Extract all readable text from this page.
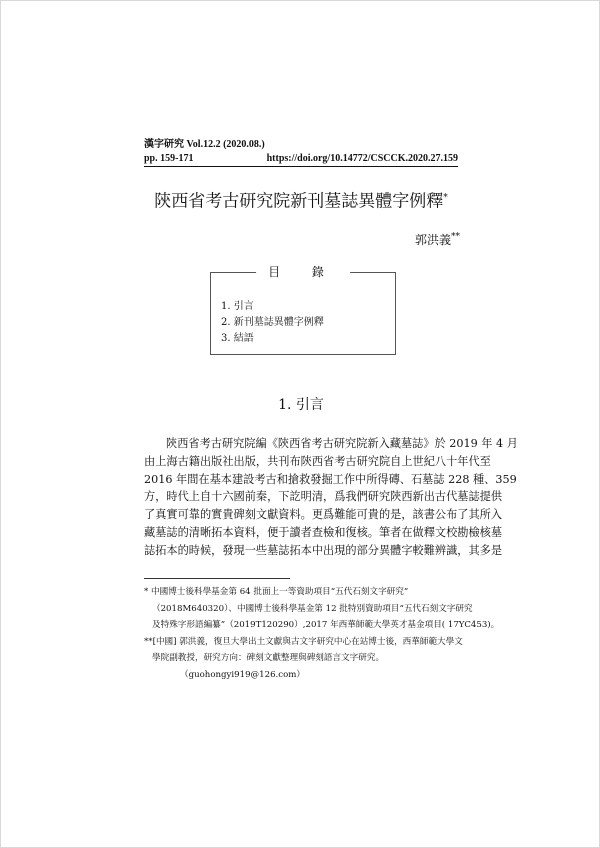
漢字研究 Vol.12.2 (2020.08.)
pp. 159-171	https://doi.org/10.14772/CSCCK.2020.27.159
陝西省考古研究院新刊墓誌異體字例釋*
郭洪義**
目 錄
1. 引言
2. 新刊墓誌異體字例釋
3. 結語
1. 引言
陝西省考古研究院編《陝西省考古研究院新入藏墓誌》於 2019 年 4 月
由上海古籍出版社出版，共刊布陝西省考古研究院自上世紀八十年代至
2016 年間在基本建設考古和搶救發掘工作中所得磚、石墓誌 228 種、359
方，時代上自十六國前秦，下訖明清，爲我們研究陝西新出古代墓誌提供
了真實可靠的實貴碑刻文獻資料。更爲難能可貴的是，該書公布了其所入
藏墓誌的清晰拓本資料，便于讀者查檢和復核。筆者在做釋文校勘檢核墓
誌拓本的時候，發現一些墓誌拓本中出現的部分異體字較難辨識，其多是
* 中國博士後科學基金第 64 批面上一等資助項目“五代石刻文字研究”
（2018M640320）、中國博士後科學基金第 12 批特別資助項目“五代石刻文字研究
及特殊字形語編纂”（2019T120290）,2017 年西華師範大學英才基金項目( 17YC453)。
**[中國] 郭洪義，復旦大學出土文獻與古文字研究中心在站博士後，西華師範大學文
學院副教授，研究方向：碑刻文獻整理與碑刻語言文字研究。
（guohongyi919@126.com）
